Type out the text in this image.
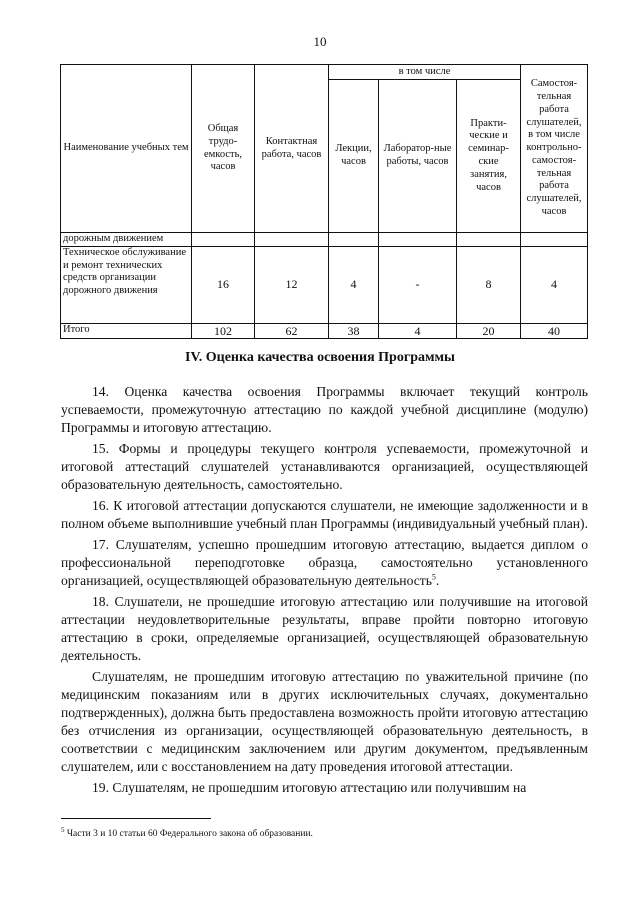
10
Наименование учебных тем	Общая трудо-емкость, часов	Контактная работа, часов	в том числе			Самостоя-тельная работа слушателей, в том числе контрольно-самостоя-тельная работа слушателей, часов
			Лекции, часов	Лаборатор-ные работы, часов	Практи-ческие и семинар-ские занятия, часов	
дорожным движением						
Техническое обслуживание и ремонт технических средств организации дорожного движения	16	12	4	-	8	4
Итого	102	62	38	4	20	40
IV. Оценка качества освоения Программы

14. Оценка качества освоения Программы включает текущий контроль успеваемости, промежуточную аттестацию по каждой учебной дисциплине (модулю) Программы и итоговую аттестацию.

15. Формы и процедуры текущего контроля успеваемости, промежуточной и итоговой аттестаций слушателей устанавливаются организацией, осуществляющей образовательную деятельность, самостоятельно.

16. К итоговой аттестации допускаются слушатели, не имеющие задолженности и в полном объеме выполнившие учебный план Программы (индивидуальный учебный план).

17. Слушателям, успешно прошедшим итоговую аттестацию, выдается диплом о профессиональной переподготовке образца, самостоятельно установленного организацией, осуществляющей образовательную деятельность$^5$.

18. Слушатели, не прошедшие итоговую аттестацию или получившие на итоговой аттестации неудовлетворительные результаты, вправе пройти повторно итоговую аттестацию в сроки, определяемые организацией, осуществляющей образовательную деятельность.

Слушателям, не прошедшим итоговую аттестацию по уважительной причине (по медицинским показаниям или в других исключительных случаях, документально подтвержденных), должна быть предоставлена возможность пройти итоговую аттестацию без отчисления из организации, осуществляющей образовательную деятельность, в соответствии с медицинским заключением или другим документом, предъявленным слушателем, или с восстановлением на дату проведения итоговой аттестации.

19. Слушателям, не прошедшим итоговую аттестацию или получившим на

$^5$ Части 3 и 10 статьи 60 Федерального закона об образовании.
